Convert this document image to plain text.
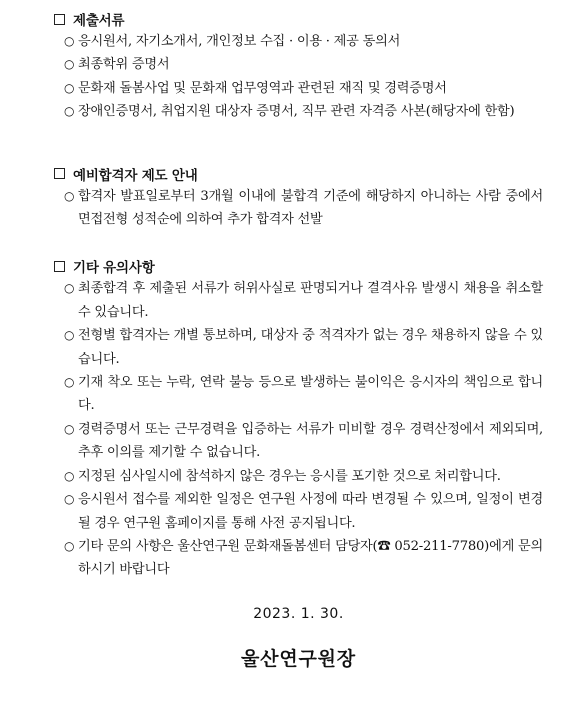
제출서류
○ 응시원서, 자기소개서, 개인정보 수집 · 이용 · 제공 동의서
○ 최종학위 증명서
○ 문화재 돌봄사업 및 문화재 업무영역과 관련된 재직 및 경력증명서
○ 장애인증명서, 취업지원 대상자 증명서, 직무 관련 자격증 사본(해당자에 한함)
예비합격자 제도 안내
○ 합격자 발표일로부터 3개월 이내에 불합격 기준에 해당하지 아니하는 사람 중에서 면접전형 성적순에 의하여 추가 합격자 선발
기타 유의사항
○ 최종합격 후 제출된 서류가 허위사실로 판명되거나 결격사유 발생시 채용을 취소할 수 있습니다.
○ 전형별 합격자는 개별 통보하며, 대상자 중 적격자가 없는 경우 채용하지 않을 수 있습니다.
○ 기재 착오 또는 누락, 연락 불능 등으로 발생하는 불이익은 응시자의 책임으로 합니다.
○ 경력증명서 또는 근무경력을 입증하는 서류가 미비할 경우 경력산정에서 제외되며, 추후 이의를 제기할 수 없습니다.
○ 지정된 심사일시에 참석하지 않은 경우는 응시를 포기한 것으로 처리합니다.
○ 응시원서 접수를 제외한 일정은 연구원 사정에 따라 변경될 수 있으며, 일정이 변경될 경우 연구원 홈페이지를 통해 사전 공지됩니다.
○ 기타 문의 사항은 울산연구원 문화재돌봄센터 담당자(☎ 052-211-7780)에게 문의하시기 바랍니다
2023. 1. 30.
울산연구원장
